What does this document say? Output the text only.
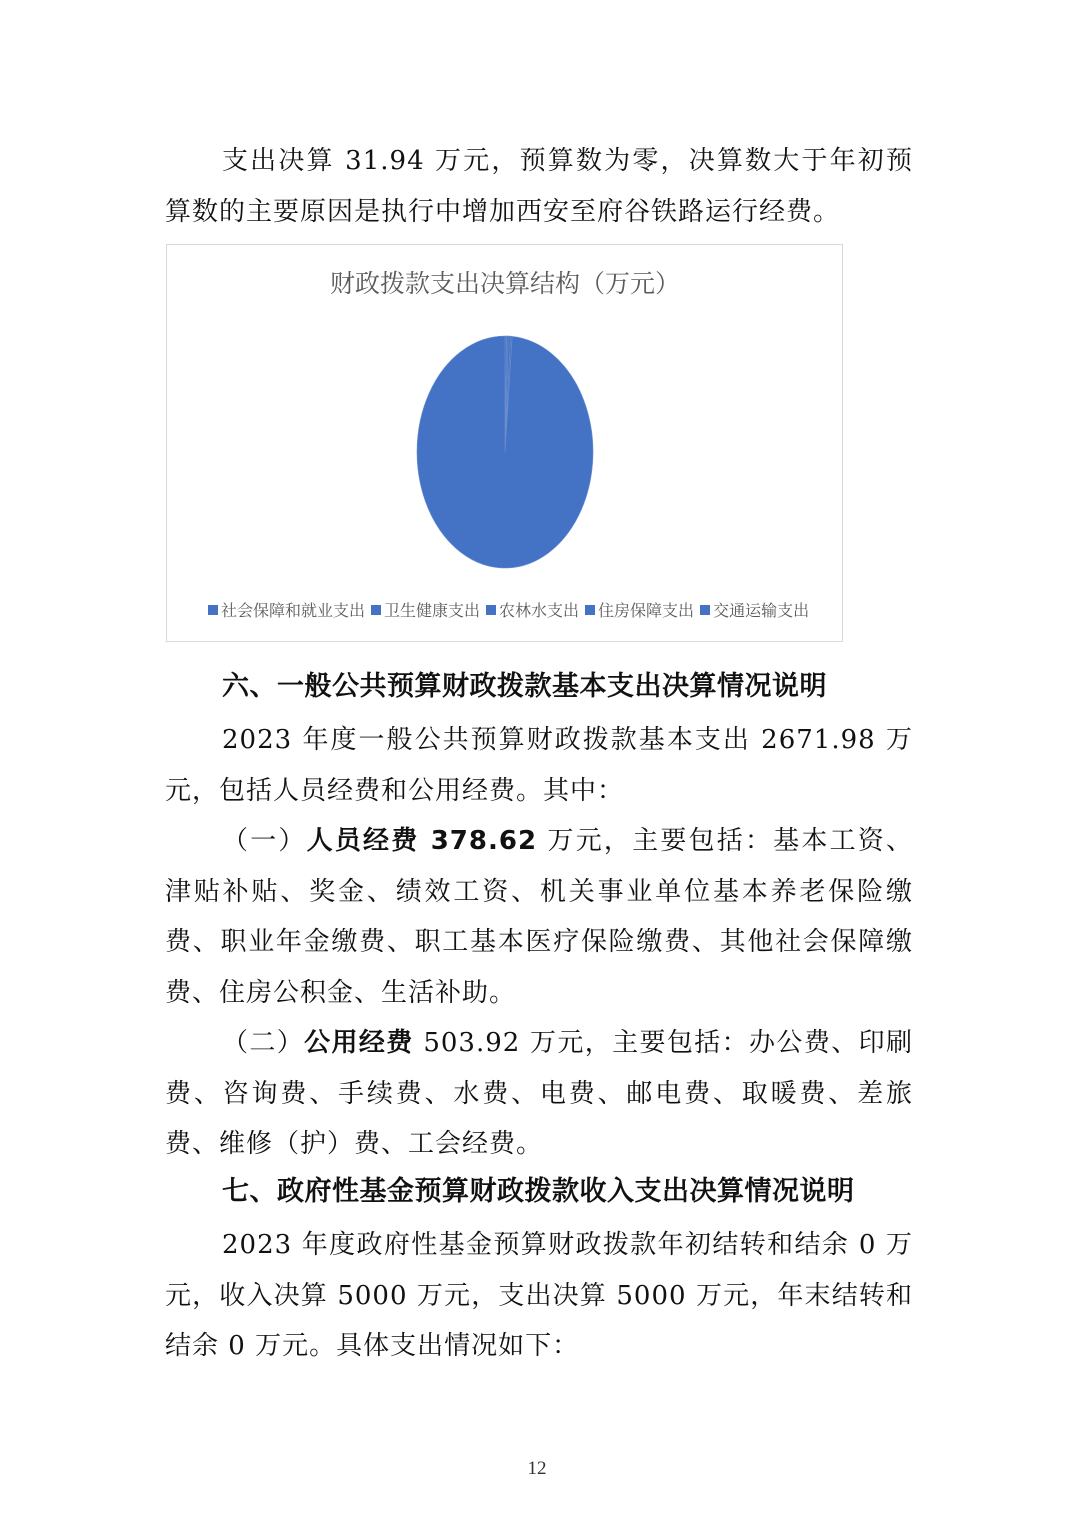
支出决算 31.94 万元，预算数为零，决算数大于年初预算数的主要原因是执行中增加西安至府谷铁路运行经费。

财政拨款支出决算结构（万元）
社会保障和就业支出 卫生健康支出 农林水支出 住房保障支出 交通运输支出
六、一般公共预算财政拨款基本支出决算情况说明

2023 年度一般公共预算财政拨款基本支出 2671.98 万元，包括人员经费和公用经费。其中：

（一）人员经费 378.62 万元，主要包括：基本工资、津贴补贴、奖金、绩效工资、机关事业单位基本养老保险缴费、职业年金缴费、职工基本医疗保险缴费、其他社会保障缴费、住房公积金、生活补助。

（二）公用经费 503.92 万元，主要包括：办公费、印刷费、咨询费、手续费、水费、电费、邮电费、取暖费、差旅费、维修（护）费、工会经费。

七、政府性基金预算财政拨款收入支出决算情况说明

2023 年度政府性基金预算财政拨款年初结转和结余 0 万元，收入决算 5000 万元，支出决算 5000 万元，年末结转和结余 0 万元。具体支出情况如下：

12
